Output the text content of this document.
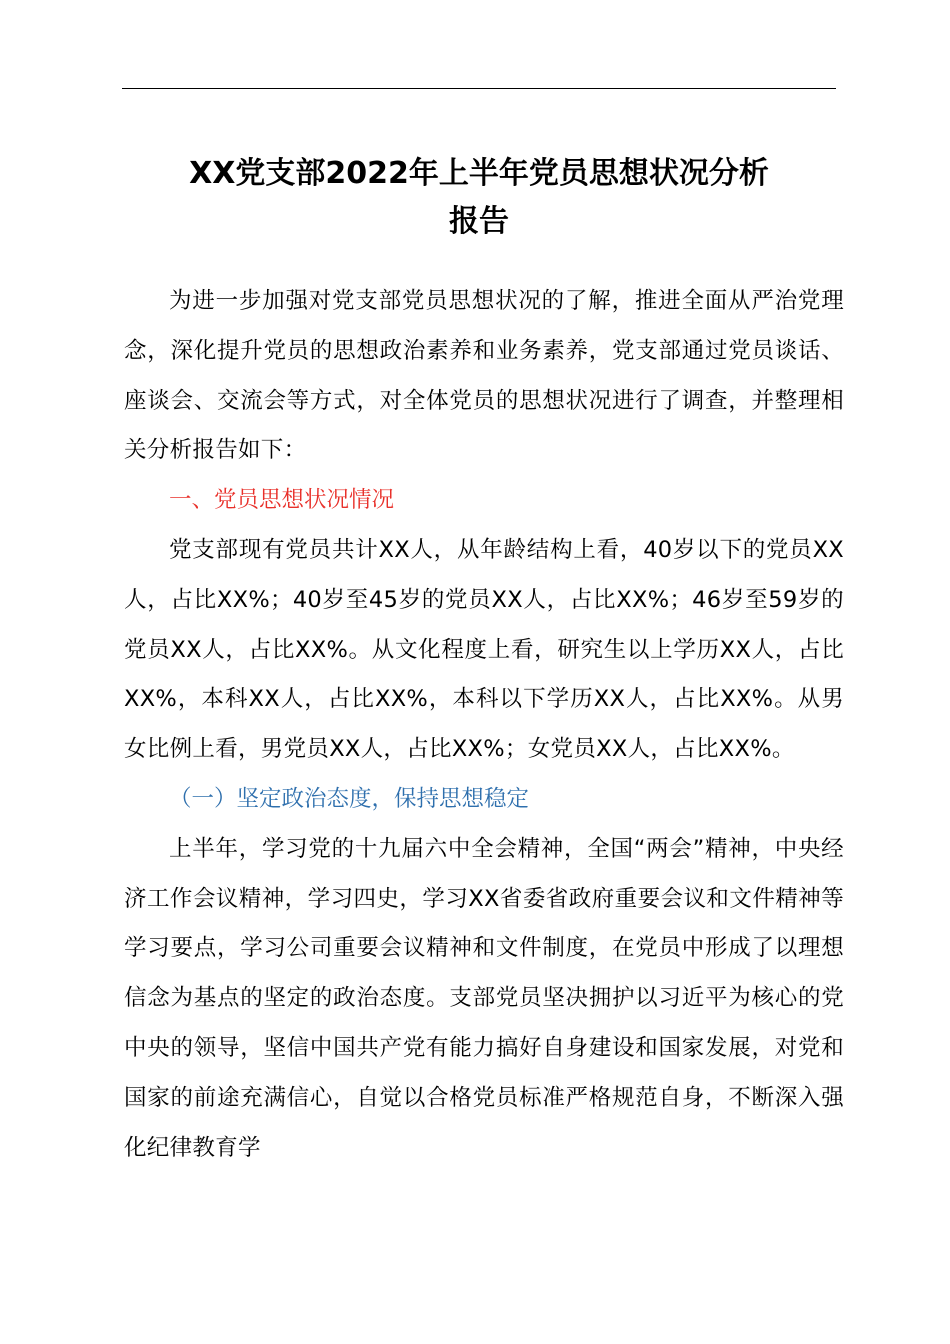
XX党支部2022年上半年党员思想状况分析
报告

为进一步加强对党支部党员思想状况的了解，推进全面从严治党理念，深化提升党员的思想政治素养和业务素养，党支部通过党员谈话、座谈会、交流会等方式，对全体党员的思想状况进行了调查，并整理相关分析报告如下：

一、党员思想状况情况

党支部现有党员共计XX人，从年龄结构上看，40岁以下的党员XX人，占比XX%；40岁至45岁的党员XX人，占比XX%；46岁至59岁的党员XX人，占比XX%。从文化程度上看，研究生以上学历XX人，占比XX%，本科XX人，占比XX%，本科以下学历XX人，占比XX%。从男女比例上看，男党员XX人，占比XX%；女党员XX人，占比XX%。

（一）坚定政治态度，保持思想稳定

上半年，学习党的十九届六中全会精神，全国“两会”精神，中央经济工作会议精神，学习四史，学习XX省委省政府重要会议和文件精神等学习要点，学习公司重要会议精神和文件制度，在党员中形成了以理想信念为基点的坚定的政治态度。支部党员坚决拥护以习近平为核心的党中央的领导，坚信中国共产党有能力搞好自身建设和国家发展，对党和国家的前途充满信心，自觉以合格党员标准严格规范自身，不断深入强化纪律教育学
